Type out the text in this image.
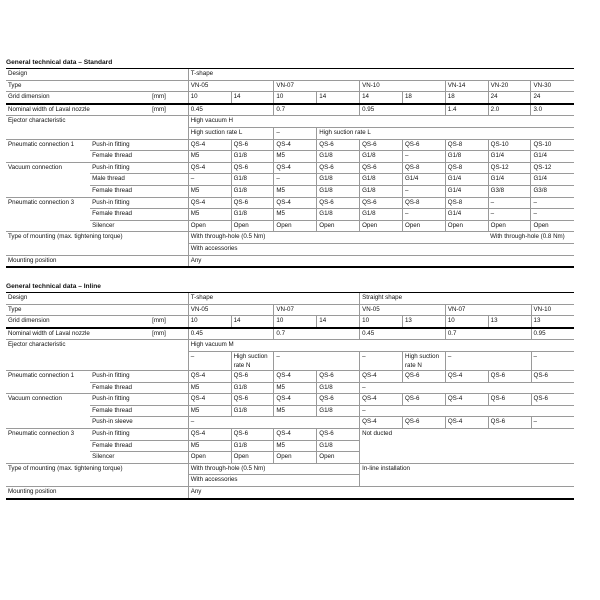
General technical data – Standard
Design			T-shape								
Type			VN-05		VN-07		VN-10		VN-14	VN-20	VN-30
Grid dimension		[mm]	10	14	10	14	14	18	18	24	24
Nominal width of Laval nozzle		[mm]	0.45		0.7		0.95		1.4	2.0	3.0
Ejector characteristic			High vacuum H								
			High suction rate L		–	High suction rate L					
Pneumatic connection 1	Push-in fitting		QS-4	QS-6	QS-4	QS-6	QS-6	QS-6	QS-8	QS-10	QS-10
	Female thread		M5	G1/8	M5	G1/8	G1/8	–	G1/8	G1/4	G1/4
Vacuum connection	Push-in fitting		QS-4	QS-6	QS-4	QS-6	QS-6	QS-8	QS-8	QS-12	QS-12
	Male thread		–	G1/8	–	G1/8	G1/8	G1/4	G1/4	G1/4	G1/4
	Female thread		M5	G1/8	M5	G1/8	G1/8	–	G1/4	G3/8	G3/8
Pneumatic connection 3	Push-in fitting		QS-4	QS-6	QS-4	QS-6	QS-6	QS-8	QS-8	–	–
	Female thread		M5	G1/8	M5	G1/8	G1/8	–	G1/4	–	–
	Silencer		Open	Open	Open	Open	Open	Open	Open	Open	Open
Type of mounting (max. tightening torque)			With through-hole (0.5 Nm)							With through-hole (0.8 Nm)	
			With accessories								
Mounting position			Any								
General technical data – Inline
Design			T-shape				Straight shape				
Type			VN-05		VN-07		VN-05		VN-07		VN-10
Grid dimension		[mm]	10	14	10	14	10	13	10	13	13
Nominal width of Laval nozzle		[mm]	0.45		0.7		0.45		0.7		0.95
Ejector characteristic			High vacuum M								
			–	High suction rate N	–		–	High suction rate N	–		–
Pneumatic connection 1	Push-in fitting		QS-4	QS-6	QS-4	QS-6	QS-4	QS-6	QS-4	QS-6	QS-6
	Female thread		M5	G1/8	M5	G1/8	–				
Vacuum connection	Push-in fitting		QS-4	QS-6	QS-4	QS-6	QS-4	QS-6	QS-4	QS-6	QS-6
	Female thread		M5	G1/8	M5	G1/8	–				
	Push-in sleeve		–				QS-4	QS-6	QS-4	QS-6	–
Pneumatic connection 3	Push-in fitting		QS-4	QS-6	QS-4	QS-6	Not ducted				
	Female thread		M5	G1/8	M5	G1/8					
	Silencer		Open	Open	Open	Open					
Type of mounting (max. tightening torque)			With through-hole (0.5 Nm)				In-line installation				
			With accessories								
Mounting position			Any								
